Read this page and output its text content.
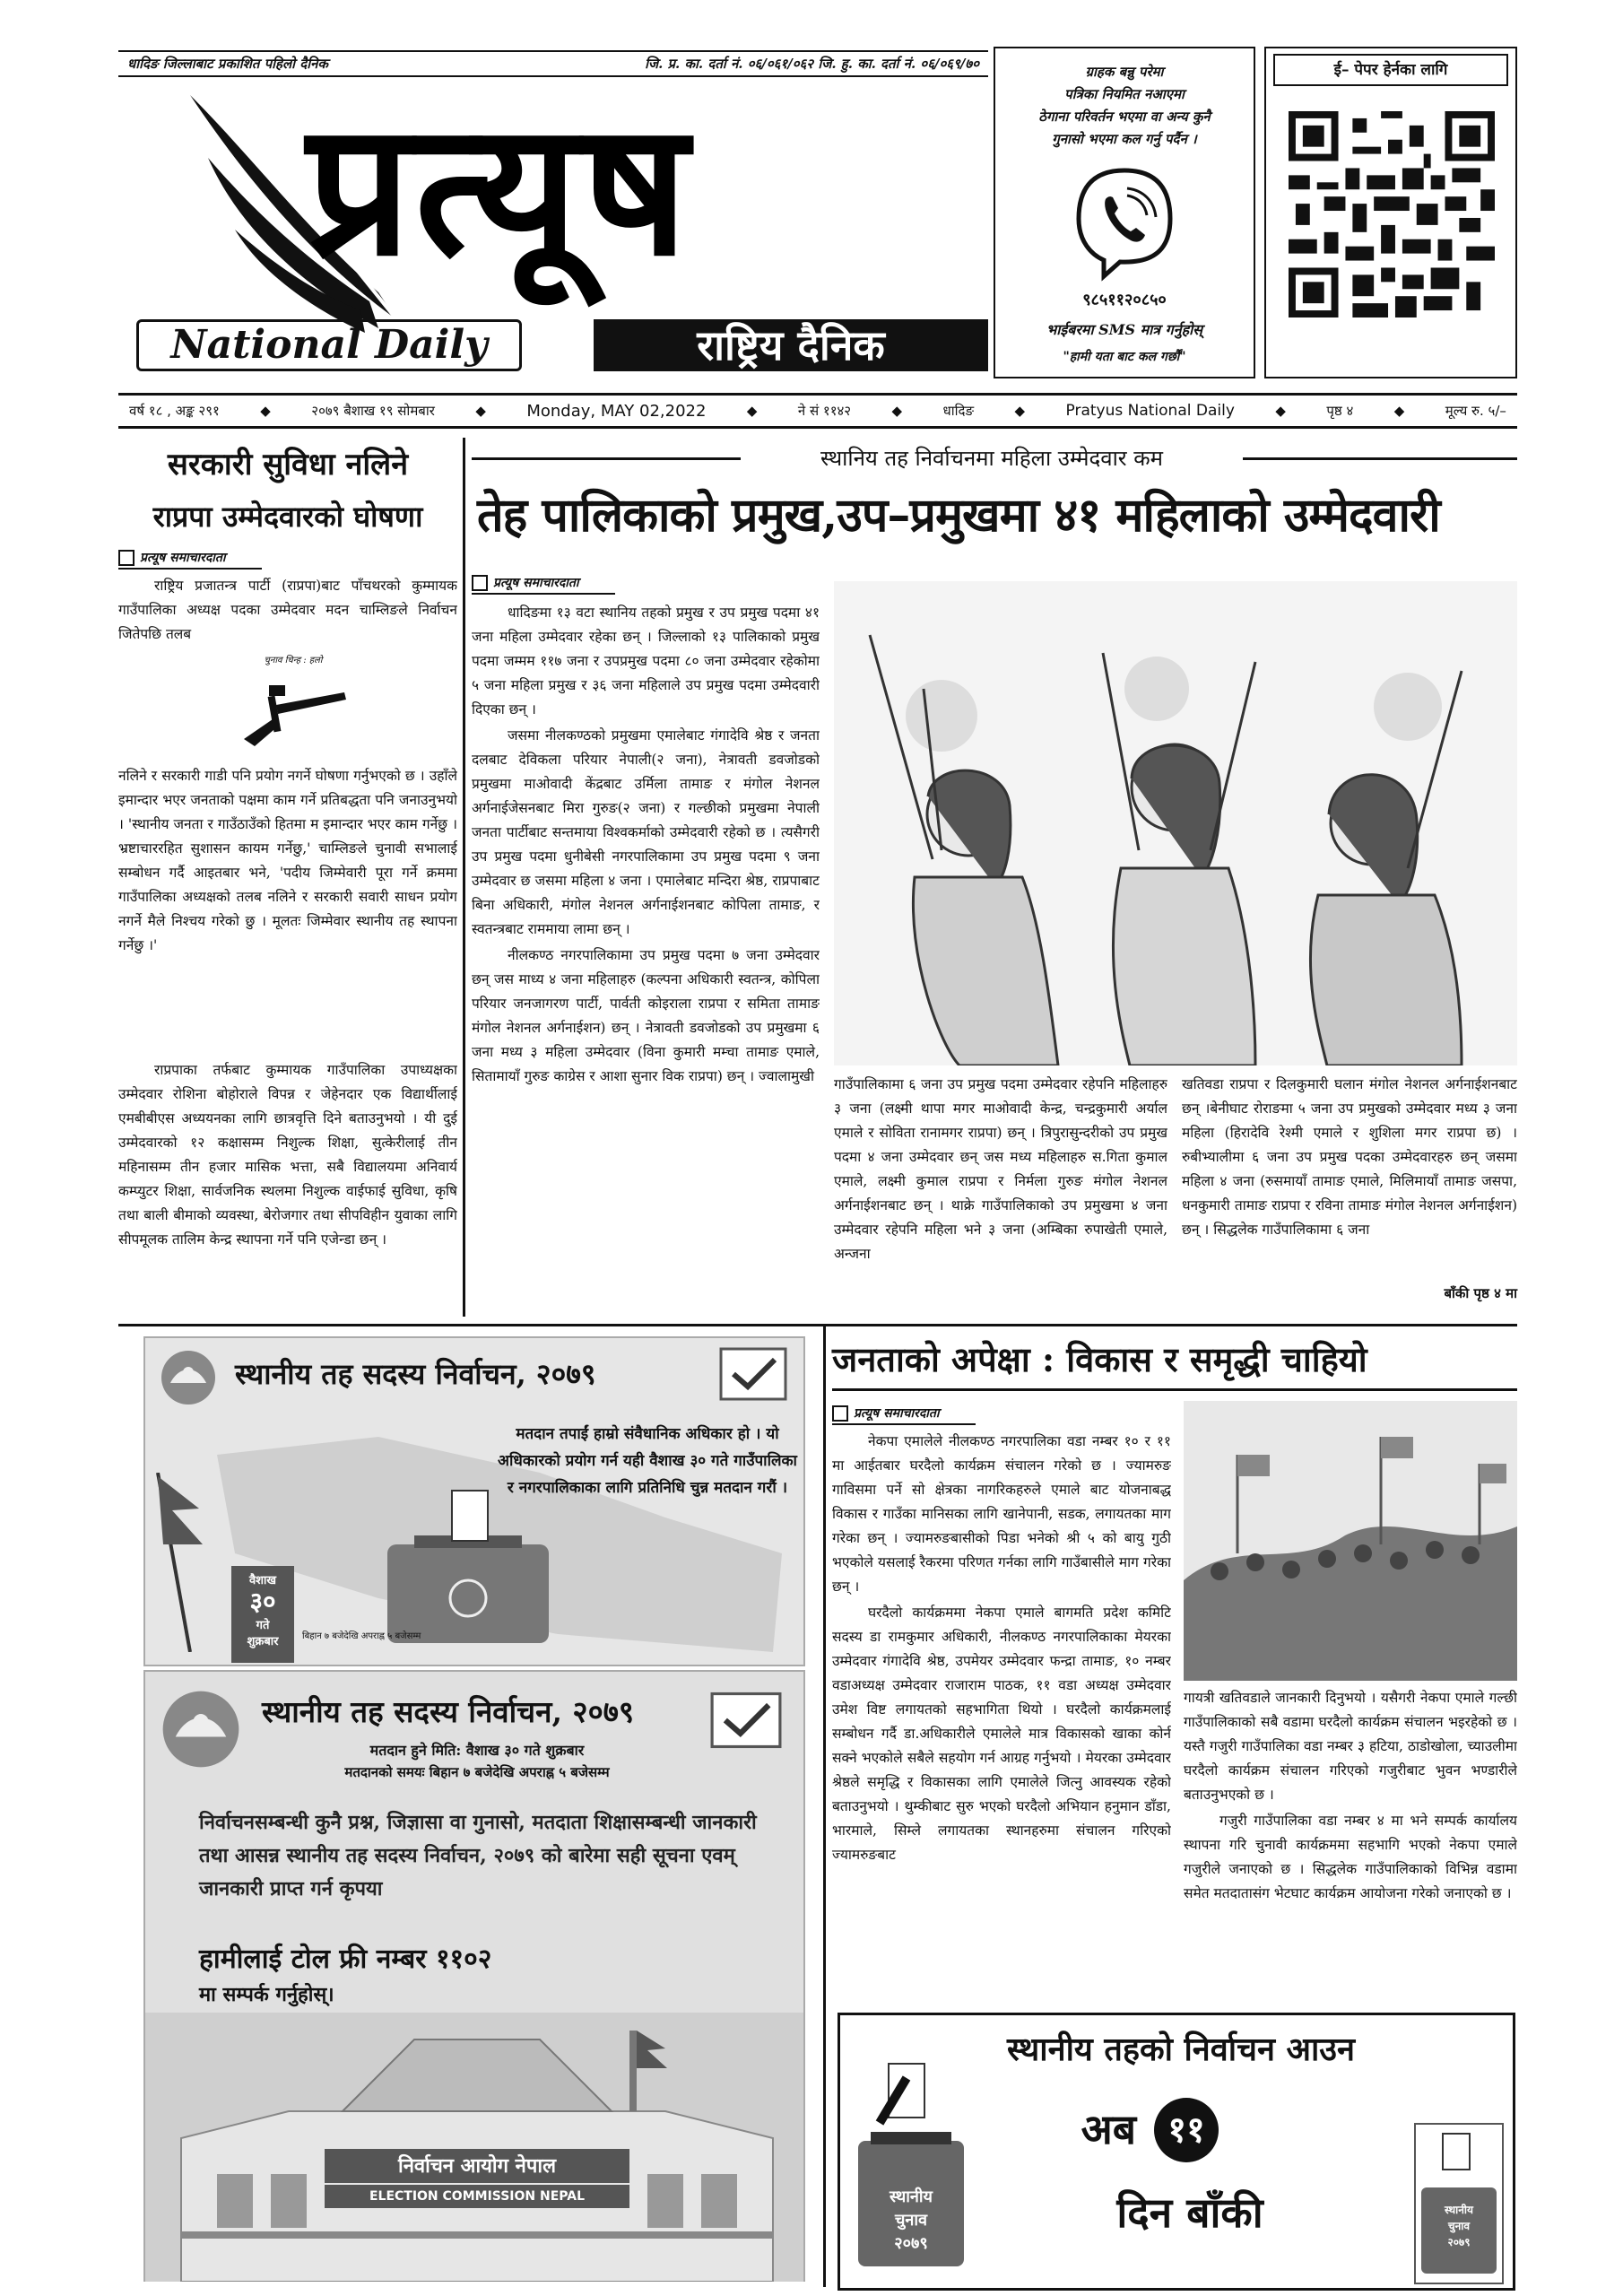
धादिङ जिल्लाबाट प्रकाशित पहिलो दैनिक	जि. प्र. का. दर्ता नं. ०६/०६१/०६२ जि. हु. का. दर्ता नं. ०६/०६९/७०
प्रत्यूष
National Daily	राष्ट्रिय दैनिक
ग्राहक बन्नु परेमा
पत्रिका नियमित नआएमा
ठेगाना परिवर्तन भएमा वा अन्य कुनै
गुनासो भएमा कल गर्नु पर्दैन ।
९८५११२०८५०
भाईबरमा SMS मात्र गर्नुहोस्
"हामी यता बाट कल गर्छौं"
ई– पेपर हेर्नका लागि
वर्ष १८ , अङ्क २९१	◆	२०७९ बैशाख १९ सोमबार	◆	Monday, MAY 02,2022	◆	ने सं ११४२	◆	धादिङ	◆	Pratyus National Daily	◆	पृष्ठ ४	◆	मूल्य रु. ५/–
सरकारी सुविधा नलिने
राप्रपा उम्मेदवारको घोषणा
प्रत्यूष समाचारदाता

राष्ट्रिय प्रजातन्त्र पार्टी (राप्रपा)बाट पाँचथरको कुम्मायक गाउँपालिका अध्यक्ष पदका उम्मेदवार मदन चाम्लिङले निर्वाचन जितेपछि तलब

चुनाव चिन्ह : हलो

नलिने र सरकारी गाडी पनि प्रयोग नगर्ने घोषणा गर्नुभएको छ । उहाँले इमान्दार भएर जनताको पक्षमा काम गर्ने प्रतिबद्धता पनि जनाउनुभयो । 'स्थानीय जनता र गाउँठाउँको हितमा म इमान्दार भएर काम गर्नेछु । भ्रष्टाचाररहित सुशासन कायम गर्नेछु,' चाम्लिङले चुनावी सभालाई सम्बोधन गर्दै आइतबार भने, 'पदीय जिम्मेवारी पूरा गर्ने क्रममा गाउँपालिका अध्यक्षको तलब नलिने र सरकारी सवारी साधन प्रयोग नगर्ने मैले निश्चय गरेको छु । मूलतः जिम्मेवार स्थानीय तह स्थापना गर्नेछु ।'

राप्रपाका तर्फबाट कुम्मायक गाउँपालिका उपाध्यक्षका उम्मेदवार रोशिना बोहोराले विपन्न र जेहेनदार एक विद्यार्थीलाई एमबीबीएस अध्ययनका लागि छात्रवृत्ति दिने बताउनुभयो । यी दुई उम्मेदवारको १२ कक्षासम्म निशुल्क शिक्षा, सुत्केरीलाई तीन महिनासम्म तीन हजार मासिक भत्ता, सबै विद्यालयमा अनिवार्य कम्प्युटर शिक्षा, सार्वजनिक स्थलमा निशुल्क वाईफाई सुविधा, कृषि तथा बाली बीमाको व्यवस्था, बेरोजगार तथा सीपविहीन युवाका लागि सीपमूलक तालिम केन्द्र स्थापना गर्ने पनि एजेन्डा छन् ।

स्थानिय तह निर्वाचनमा महिला उम्मेदवार कम
तेह पालिकाको प्रमुख,उप–प्रमुखमा ४१ महिलाको उम्मेदवारी
प्रत्यूष समाचारदाता

धादिङमा १३ वटा स्थानिय तहको प्रमुख र उप प्रमुख पदमा ४१ जना महिला उम्मेदवार रहेका छन् । जिल्लाको १३ पालिकाको प्रमुख पदमा जम्मम ११७ जना र उपप्रमुख पदमा ८० जना उम्मेदवार रहेकोमा ५ जना महिला प्रमुख र ३६ जना महिलाले उप प्रमुख पदमा उम्मेदवारी दिएका छन् ।

जसमा नीलकण्ठको प्रमुखमा एमालेबाट गंगादेवि श्रेष्ठ र जनता दलबाट देविकला परियार नेपाली(२ जना), नेत्रावती डवजोडको प्रमुखमा माओवादी केंद्रबाट उर्मिला तामाङ र मंगोल नेशनल अर्गनाईजेसनबाट मिरा गुरुङ(२ जना) र गल्छीको प्रमुखमा नेपाली जनता पार्टीबाट सन्तमाया विश्वकर्माको उम्मेदवारी रहेको छ । त्यसैगरी उप प्रमुख पदमा धुनीबेसी नगरपालिकामा उप प्रमुख पदमा ९ जना उम्मेदवार छ जसमा महिला ४ जना । एमालेबाट मन्दिरा श्रेष्ठ, राप्रपाबाट बिना अधिकारी, मंगोल नेशनल अर्गनाईशनबाट कोपिला तामाङ, र स्वतन्त्रबाट राममाया लामा छन् ।

नीलकण्ठ नगरपालिकामा उप प्रमुख पदमा ७ जना उम्मेदवार छन् जस माध्य ४ जना महिलाहरु (कल्पना अधिकारी स्वतन्त्र, कोपिला परियार जनजागरण पार्टी, पार्वती कोइराला राप्रपा र समिता तामाङ मंगोल नेशनल अर्गनाईशन) छन् । नेत्रावती डवजोडको उप प्रमुखमा ६ जना मध्य ३ महिला उम्मेदवार (विना कुमारी मम्चा तामाङ एमाले, सितामायाँ गुरुङ काग्रेस र आशा सुनार विक राप्रपा) छन् । ज्वालामुखी	गाउँपालिकामा ६ जना उप प्रमुख पदमा उम्मेदवार रहेपनि महिलाहरु ३ जना (लक्ष्मी थापा मगर माओवादी केन्द्र, चन्द्रकुमारी अर्याल एमाले र सोविता रानामगर राप्रपा) छन् । त्रिपुरासुन्दरीको उप प्रमुख पदमा ४ जना उम्मेदवार छन् जस मध्य महिलाहरु स.गिता कुमाल एमाले, लक्ष्मी कुमाल राप्रपा र निर्मला गुरुङ मंगोल नेशनल अर्गनाईशनबाट छन् । थाक्रे गाउँपालिकाको उप प्रमुखमा ४ जना उम्मेदवार रहेपनि महिला भने ३ जना (अम्बिका रुपाखेती एमाले, अन्जना

खतिवडा राप्रपा र दिलकुमारी घलान मंगोल नेशनल अर्गनाईशनबाट छन् ।बेनीघाट रोराङमा ५ जना उप प्रमुखको उम्मेदवार मध्य ३ जना महिला (हिरादेवि रेश्मी एमाले र शुशिला मगर राप्रपा छ) । रुबीभ्यालीमा ६ जना उप प्रमुख पदका उम्मेदवारहरु छन् जसमा महिला ४ जना (रुसमायाँ तामाङ एमाले, मिलिमायाँ तामाङ जसपा, धनकुमारी तामाङ राप्रपा र रविना तामाङ मंगोल नेशनल अर्गनाईशन) छन् । सिद्धलेक गाउँपालिकामा ६ जना

बाँकी पृष्ठ ४ मा
स्थानीय तह सदस्य निर्वाचन, २०७९
मतदान तपाईं हाम्रो संवैधानिक अधिकार हो । यो अधिकारको प्रयोग गर्न यही वैशाख ३० गते गाउँपालिका र नगरपालिकाका लागि प्रतिनिधि चुन्न मतदान गरौं ।
वैशाख
३०
गते
शुक्रबार	बिहान ७ बजेदेखि अपराह्न ५ बजेसम्म
स्थानीय तह सदस्य निर्वाचन, २०७९
मतदान हुने मिति: वैशाख ३० गते शुक्रबार
मतदानको समयः बिहान ७ बजेदेखि अपराह्न ५ बजेसम्म
निर्वाचनसम्बन्धी कुनै प्रश्न, जिज्ञासा वा गुनासो, मतदाता शिक्षासम्बन्धी जानकारी तथा आसन्न स्थानीय तह सदस्य निर्वाचन, २०७९ को बारेमा सही सूचना एवम् जानकारी प्राप्त गर्न कृपया
हामीलाई टोल फ्री नम्बर ११०२
मा सम्पर्क गर्नुहोस्।
निर्वाचन आयोग नेपाल
ELECTION COMMISSION NEPAL
जनताको अपेक्षा : विकास र समृद्धी चाहियो
प्रत्यूष समाचारदाता

नेकपा एमालेले नीलकण्ठ नगरपालिका वडा नम्बर १० र ११ मा आईतबार घरदैलो कार्यक्रम संचालन गरेको छ । ज्यामरुङ गाविसमा पर्ने सो क्षेत्रका नागरिकहरुले एमाले बाट योजनाबद्ध विकास र गाउँका मानिसका लागि खानेपानी, सडक, लगायतका माग गरेका छन् । ज्यामरुङबासीको पिडा भनेको श्री ५ को बायु गुठी भएकोले यसलाई रैकरमा परिणत गर्नका लागि गाउँबासीले माग गरेका छन् ।

घरदैलो कार्यक्रममा नेकपा एमाले बागमति प्रदेश कमिटि सदस्य डा रामकुमार अधिकारी, नीलकण्ठ नगरपालिकाका मेयरका उम्मेदवार गंगादेवि श्रेष्ठ, उपमेयर उम्मेदवार फन्द्रा तामाङ, १० नम्बर वडाअध्यक्ष उम्मेदवार राजाराम पाठक, ११ वडा अध्यक्ष उम्मेदवार उमेश विष्ट लगायतको सहभागिता थियो । घरदैलो कार्यक्रमलाई सम्बोधन गर्दै डा.अधिकारीले एमालेले मात्र विकासको खाका कोर्न सक्ने भएकोले सबैले सहयोग गर्न आग्रह गर्नुभयो । मेयरका उम्मेदवार श्रेष्ठले समृद्धि र विकासका लागि एमालेले जित्नु आवस्यक रहेको बताउनुभयो । थुम्कीबाट सुरु भएको घरदैलो अभियान हनुमान डाँडा, भारमाले, सिम्ले लगायतका स्थानहरुमा संचालन गरिएको ज्यामरुङबाट

गायत्री खतिवडाले जानकारी दिनुभयो । यसैगरी नेकपा एमाले गल्छी गाउँपालिकाको सबै वडामा घरदैलो कार्यक्रम संचालन भइरहेको छ । यस्तै गजुरी गाउँपालिका वडा नम्बर ३ हटिया, ठाडोखोला, च्याउलीमा घरदैलो कार्यक्रम संचालन गरिएको गजुरीबाट भुवन भण्डारीले बताउनुभएको छ ।

गजुरी गाउँपालिका वडा नम्बर ४ मा भने सम्पर्क कार्यालय स्थापना गरि चुनावी कार्यक्रममा सहभागि भएको नेकपा एमाले गजुरीले जनाएको छ । सिद्धलेक गाउँपालिकाको विभिन्न वडामा समेत मतदातासंग भेटघाट कार्यक्रम आयोजना गरेको जनाएको छ ।

स्थानीय
चुनाव
२०७९
स्थानीय तहको निर्वाचन आउन
अब ११
दिन बाँकी	स्थानीय
चुनाव
२०७९
